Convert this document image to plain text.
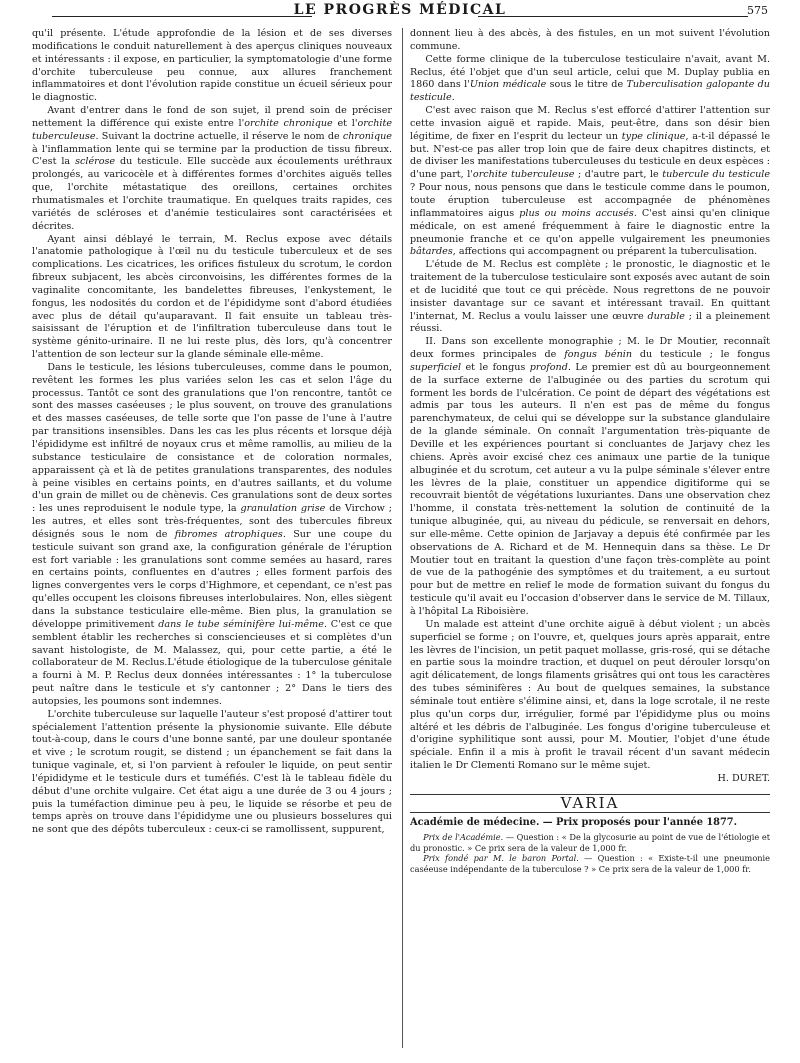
LE PROGRÈS MÉDICAL	575

qu'il présente. L'étude approfondie de la lésion et de ses diverses modifications le conduit naturellement à des aperçus cliniques nouveaux et intéressants : il expose, en particulier, la symptomatologie d'une forme d'orchite tuberculeuse peu connue, aux allures franchement inflammatoires et dont l'évolution rapide constitue un écueil sérieux pour le diagnostic.

Avant d'entrer dans le fond de son sujet, il prend soin de préciser nettement la différence qui existe entre l'orchite chronique et l'orchite tuberculeuse. Suivant la doctrine actuelle, il réserve le nom de chronique à l'inflammation lente qui se termine par la production de tissu fibreux. C'est la sclérose du testicule. Elle succède aux écoulements uréthraux prolongés, au varicocèle et à différentes formes d'orchites aiguës telles que, l'orchite métastatique des oreillons, certaines orchites rhumatismales et l'orchite traumatique. En quelques traits rapides, ces variétés de scléroses et d'anémie testiculaires sont caractérisées et décrites.

Ayant ainsi déblayé le terrain, M. Reclus expose avec détails l'anatomie pathologique à l'œil nu du testicule tuberculeux et de ses complications. Les cicatrices, les orifices fistuleux du scrotum, le cordon fibreux subjacent, les abcès circonvoisins, les différentes formes de la vaginalite concomitante, les bandelettes fibreuses, l'enkystement, le fongus, les nodosités du cordon et de l'épididyme sont d'abord étudiées avec plus de détail qu'auparavant. Il fait ensuite un tableau très-saisissant de l'éruption et de l'infiltration tuberculeuse dans tout le système génito-urinaire. Il ne lui reste plus, dès lors, qu'à concentrer l'attention de son lecteur sur la glande séminale elle-même.

Dans le testicule, les lésions tuberculeuses, comme dans le poumon, revêtent les formes les plus variées selon les cas et selon l'âge du processus. Tantôt ce sont des granulations que l'on rencontre, tantôt ce sont des masses caséeuses ; le plus souvent, on trouve des granulations et des masses caséeuses, de telle sorte que l'on passe de l'une à l'autre par transitions insensibles. Dans les cas les plus récents et lorsque déjà l'épididyme est infiltré de noyaux crus et même ramollis, au milieu de la substance testiculaire de consistance et de coloration normales, apparaissent çà et là de petites granulations transparentes, des nodules à peine visibles en certains points, en d'autres saillants, et du volume d'un grain de millet ou de chènevis. Ces granulations sont de deux sortes : les unes reproduisent le nodule type, la granulation grise de Virchow ; les autres, et elles sont très-fréquentes, sont des tubercules fibreux désignés sous le nom de fibromes atrophiques. Sur une coupe du testicule suivant son grand axe, la configuration générale de l'éruption est fort variable : les granulations sont comme semées au hasard, rares en certains points, confluentes en d'autres ; elles forment parfois des lignes convergentes vers le corps d'Highmore, et cependant, ce n'est pas qu'elles occupent les cloisons fibreuses interlobulaires. Non, elles siègent dans la substance testiculaire elle-même. Bien plus, la granulation se développe primitivement dans le tube séminifère lui-même. C'est ce que semblent établir les recherches si consciencieuses et si complètes d'un savant histologiste, de M. Malassez, qui, pour cette partie, a été le collaborateur de M. Reclus.L'étude étiologique de la tuberculose génitale a fourni à M. P. Reclus deux données intéressantes : 1° la tuberculose peut naître dans le testicule et s'y cantonner ; 2° Dans le tiers des autopsies, les poumons sont indemnes.

L'orchite tuberculeuse sur laquelle l'auteur s'est proposé d'attirer tout spécialement l'attention présente la physionomie suivante. Elle débute tout-à-coup, dans le cours d'une bonne santé, par une douleur spontanée et vive ; le scrotum rougit, se distend ; un épanchement se fait dans la tunique vaginale, et, si l'on parvient à refouler le liquide, on peut sentir l'épididyme et le testicule durs et tuméfiés. C'est là le tableau fidèle du début d'une orchite vulgaire. Cet état aigu a une durée de 3 ou 4 jours ; puis la tuméfaction diminue peu à peu, le liquide se résorbe et peu de temps après on trouve dans l'épididyme une ou plusieurs bosselures qui ne sont que des dépôts tuberculeux : ceux-ci se ramollissent, suppurent,

donnent lieu à des abcès, à des fistules, en un mot suivent l'évolution commune.

Cette forme clinique de la tuberculose testiculaire n'avait, avant M. Reclus, été l'objet que d'un seul article, celui que M. Duplay publia en 1860 dans l'Union médicale sous le titre de Tuberculisation galopante du testicule.

C'est avec raison que M. Reclus s'est efforcé d'attirer l'attention sur cette invasion aiguë et rapide. Mais, peut-être, dans son désir bien légitime, de fixer en l'esprit du lecteur un type clinique, a-t-il dépassé le but. N'est-ce pas aller trop loin que de faire deux chapitres distincts, et de diviser les manifestations tuberculeuses du testicule en deux espèces : d'une part, l'orchite tuberculeuse ; d'autre part, le tubercule du testicule ? Pour nous, nous pensons que dans le testicule comme dans le poumon, toute éruption tuberculeuse est accompagnée de phénomènes inflammatoires aigus plus ou moins accusés. C'est ainsi qu'en clinique médicale, on est amené fréquemment à faire le diagnostic entre la pneumonie franche et ce qu'on appelle vulgairement les pneumonies bâtardes, affections qui accompagnent ou préparent la tuberculisation.

L'étude de M. Reclus est complète ; le pronostic, le diagnostic et le traitement de la tuberculose testiculaire sont exposés avec autant de soin et de lucidité que tout ce qui précède. Nous regrettons de ne pouvoir insister davantage sur ce savant et intéressant travail. En quittant l'internat, M. Reclus a voulu laisser une œuvre durable ; il a pleinement réussi.

II. Dans son excellente monographie ; M. le Dr Moutier, reconnaît deux formes principales de fongus bénin du testicule ; le fongus superficiel et le fongus profond. Le premier est dû au bourgeonnement de la surface externe de l'albuginée ou des parties du scrotum qui forment les bords de l'ulcération. Ce point de départ des végétations est admis par tous les auteurs. Il n'en est pas de même du fongus parenchymateux, de celui qui se développe sur la substance glandulaire de la glande séminale. On connaît l'argumentation très-piquante de Deville et les expériences pourtant si concluantes de Jarjavy chez les chiens. Après avoir excisé chez ces animaux une partie de la tunique albuginée et du scrotum, cet auteur a vu la pulpe séminale s'élever entre les lèvres de la plaie, constituer un appendice digitiforme qui se recouvrait bientôt de végétations luxuriantes. Dans une observation chez l'homme, il constata très-nettement la solution de continuité de la tunique albuginée, qui, au niveau du pédicule, se renversait en dehors, sur elle-même. Cette opinion de Jarjavay a depuis été confirmée par les observations de A. Richard et de M. Hennequin dans sa thèse. Le Dr Moutier tout en traitant la question d'une façon très-complète au point de vue de la pathogénie des symptômes et du traitement, a eu surtout pour but de mettre en relief le mode de formation suivant du fongus du testicule qu'il avait eu l'occasion d'observer dans le service de M. Tillaux, à l'hôpital La Riboisière.

Un malade est atteint d'une orchite aiguë à début violent ; un abcès superficiel se forme ; on l'ouvre, et, quelques jours après apparait, entre les lèvres de l'incision, un petit paquet mollasse, gris-rosé, qui se détache en partie sous la moindre traction, et duquel on peut dérouler lorsqu'on agit délicatement, de longs filaments grisâtres qui ont tous les caractères des tubes séminifères : Au bout de quelques semaines, la substance séminale tout entière s'élimine ainsi, et, dans la loge scrotale, il ne reste plus qu'un corps dur, irrégulier, formé par l'épididyme plus ou moins altéré et les débris de l'albuginée. Les fongus d'origine tuberculeuse et d'origine syphilitique sont aussi, pour M. Moutier, l'objet d'une étude spéciale. Enfin il a mis à profit le travail récent d'un savant médecin italien le Dr Clementi Romano sur le même sujet.

H. DURET.
VARIA

Académie de médecine. — Prix proposés pour l'année 1877.

Prix de l'Académie. — Question : « De la glycosurie au point de vue de l'étiologie et du pronostic. » Ce prix sera de la valeur de 1,000 fr.

Prix fondé par M. le baron Portal. — Question : « Existe-t-il une pneumonie caséeuse indépendante de la tuberculose ? » Ce prix sera de la valeur de 1,000 fr.
